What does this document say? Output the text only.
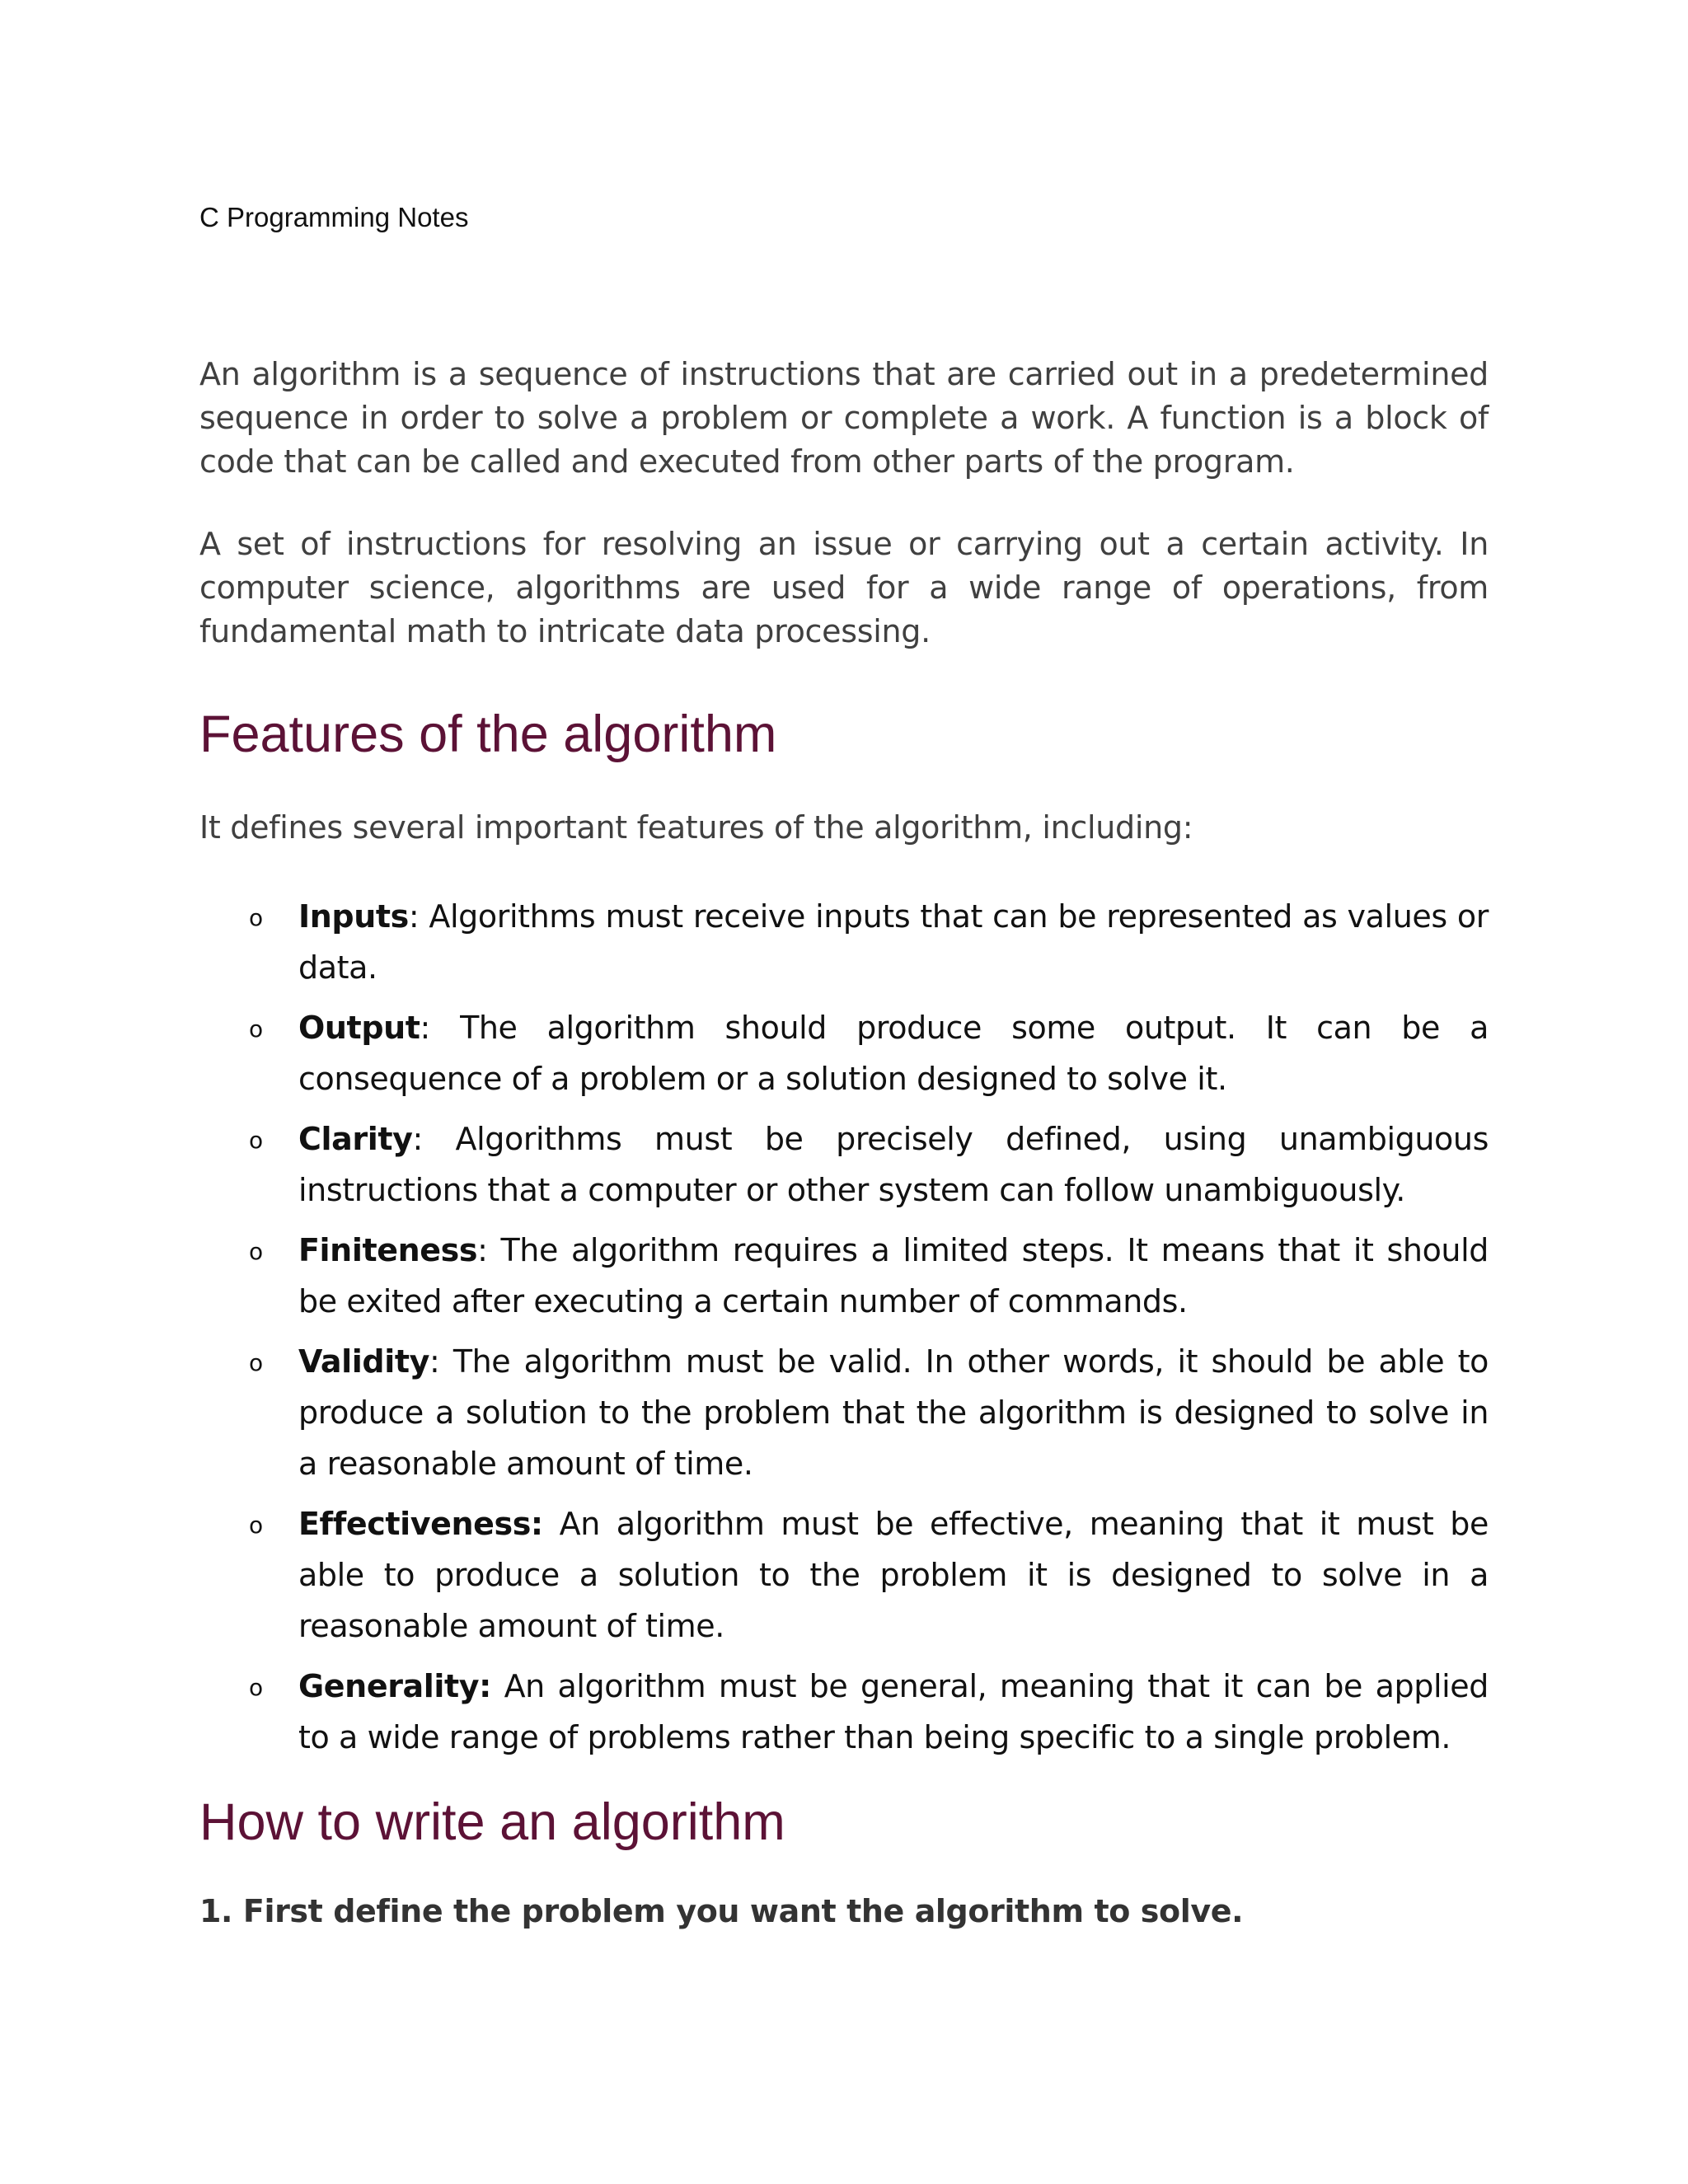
C Programming Notes

An algorithm is a sequence of instructions that are carried out in a predetermined sequence in order to solve a problem or complete a work. A function is a block of code that can be called and executed from other parts of the program.

A set of instructions for resolving an issue or carrying out a certain activity. In computer science, algorithms are used for a wide range of operations, from fundamental math to intricate data processing.

Features of the algorithm

It defines several important features of the algorithm, including:

o Inputs: Algorithms must receive inputs that can be represented as values or data.
o Output: The algorithm should produce some output. It can be a consequence of a problem or a solution designed to solve it.
o Clarity: Algorithms must be precisely defined, using unambiguous instructions that a computer or other system can follow unambiguously.
o Finiteness: The algorithm requires a limited steps. It means that it should be exited after executing a certain number of commands.
o Validity: The algorithm must be valid. In other words, it should be able to produce a solution to the problem that the algorithm is designed to solve in a reasonable amount of time.
o Effectiveness: An algorithm must be effective, meaning that it must be able to produce a solution to the problem it is designed to solve in a reasonable amount of time.
o Generality: An algorithm must be general, meaning that it can be applied to a wide range of problems rather than being specific to a single problem.
How to write an algorithm

1. First define the problem you want the algorithm to solve.
